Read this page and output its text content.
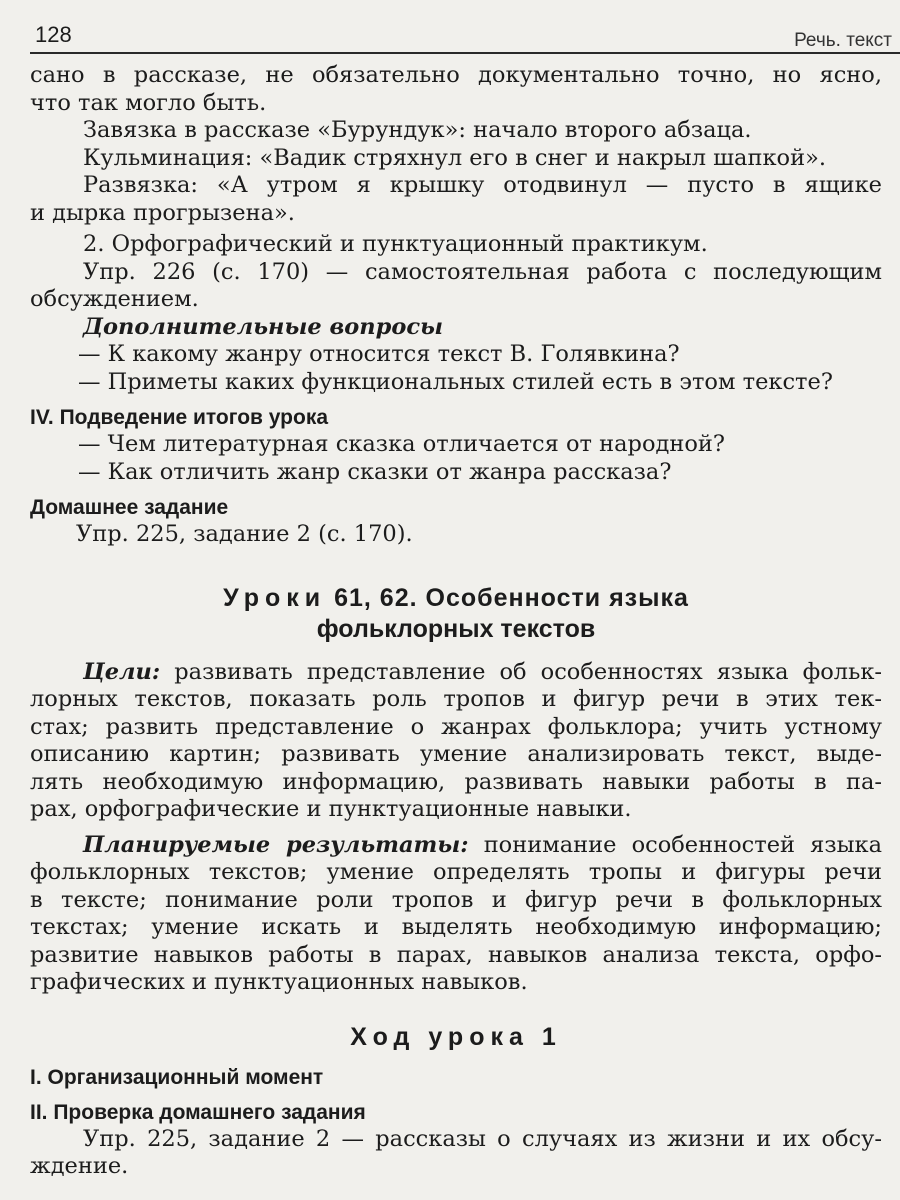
128	Речь. текст
сано в рассказе, не обязательно документально точно, но ясно,
что так могло быть.
Завязка в рассказе «Бурундук»: начало второго абзаца.
Кульминация: «Вадик стряхнул его в снег и накрыл шапкой».
Развязка: «А утром я крышку отодвинул — пусто в ящике
и дырка прогрызена».
2. Орфографический и пунктуационный практикум.
Упр. 226 (с. 170) — самостоятельная работа с последующим
обсуждением.
Дополнительные вопросы
— К какому жанру относится текст В. Голявкина?
— Приметы каких функциональных стилей есть в этом тексте?
IV. Подведение итогов урока
— Чем литературная сказка отличается от народной?
— Как отличить жанр сказки от жанра рассказа?
Домашнее задание
Упр. 225, задание 2 (с. 170).
Уроки 61, 62. Особенности языка
фольклорных текстов
Цели: развивать представление об особенностях языка фольк-
лорных текстов, показать роль тропов и фигур речи в этих тек-
стах; развить представление о жанрах фольклора; учить устному
описанию картин; развивать умение анализировать текст, выде-
лять необходимую информацию, развивать навыки работы в па-
рах, орфографические и пунктуационные навыки.
Планируемые результаты: понимание особенностей языка
фольклорных текстов; умение определять тропы и фигуры речи
в тексте; понимание роли тропов и фигур речи в фольклорных
текстах; умение искать и выделять необходимую информацию;
развитие навыков работы в парах, навыков анализа текста, орфо-
графических и пунктуационных навыков.
Ход урока 1
I. Организационный момент
II. Проверка домашнего задания
Упр. 225, задание 2 — рассказы о случаях из жизни и их обсу-
ждение.
